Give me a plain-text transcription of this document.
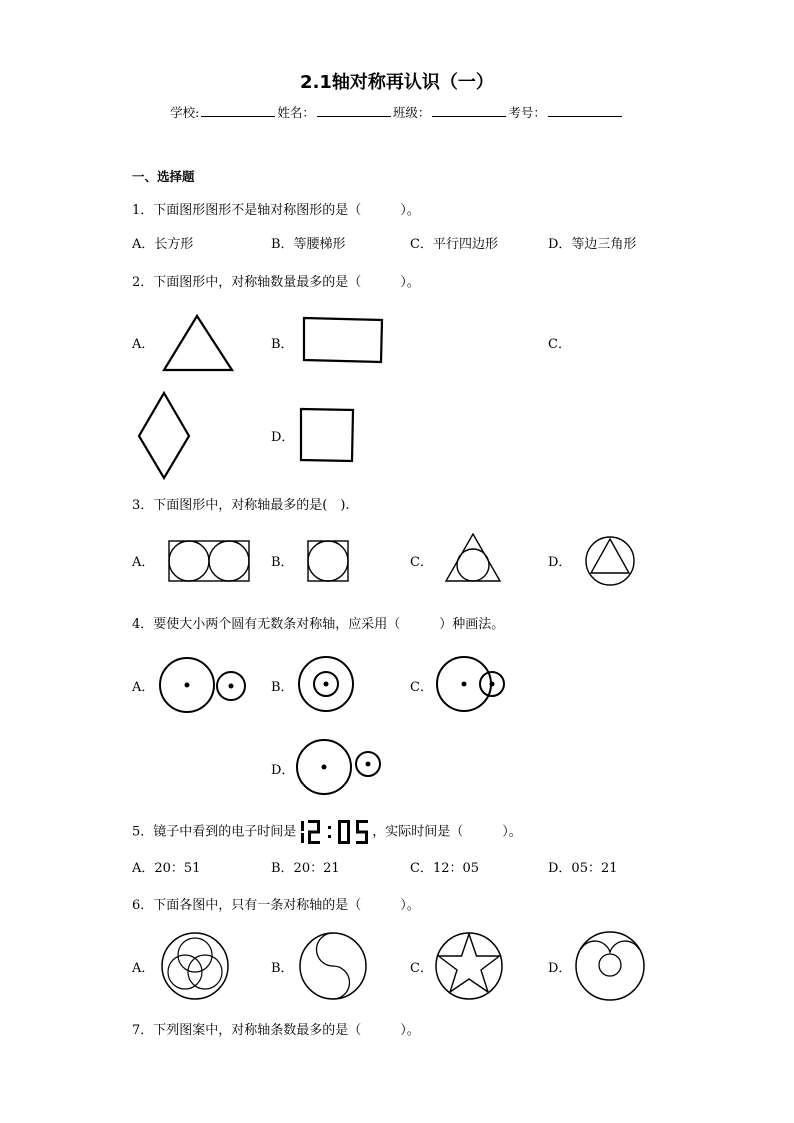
2.1轴对称再认识（一）
学校:	姓名：	班级：	考号：
一、选择题
1．下面图形图形不是轴对称图形的是（　　　）。
A．长方形	B．等腰梯形	C．平行四边形	D．等边三角形
2．下面图形中，对称轴数量最多的是（　　　）。
A．	B．	C．
D．
3．下面图形中，对称轴最多的是(　).
A．	B．	C．	D．
4．要使大小两个圆有无数条对称轴，应采用（　　　）种画法。
A．	B．	C．
D．
5．镜子中看到的电子时间是	，实际时间是（　　　）。
A．20：51	B．20：21	C．12：05	D．05：21
6．下面各图中，只有一条对称轴的是（　　　）。
A．	B．	C．	D．
7．下列图案中，对称轴条数最多的是（　　　）。
